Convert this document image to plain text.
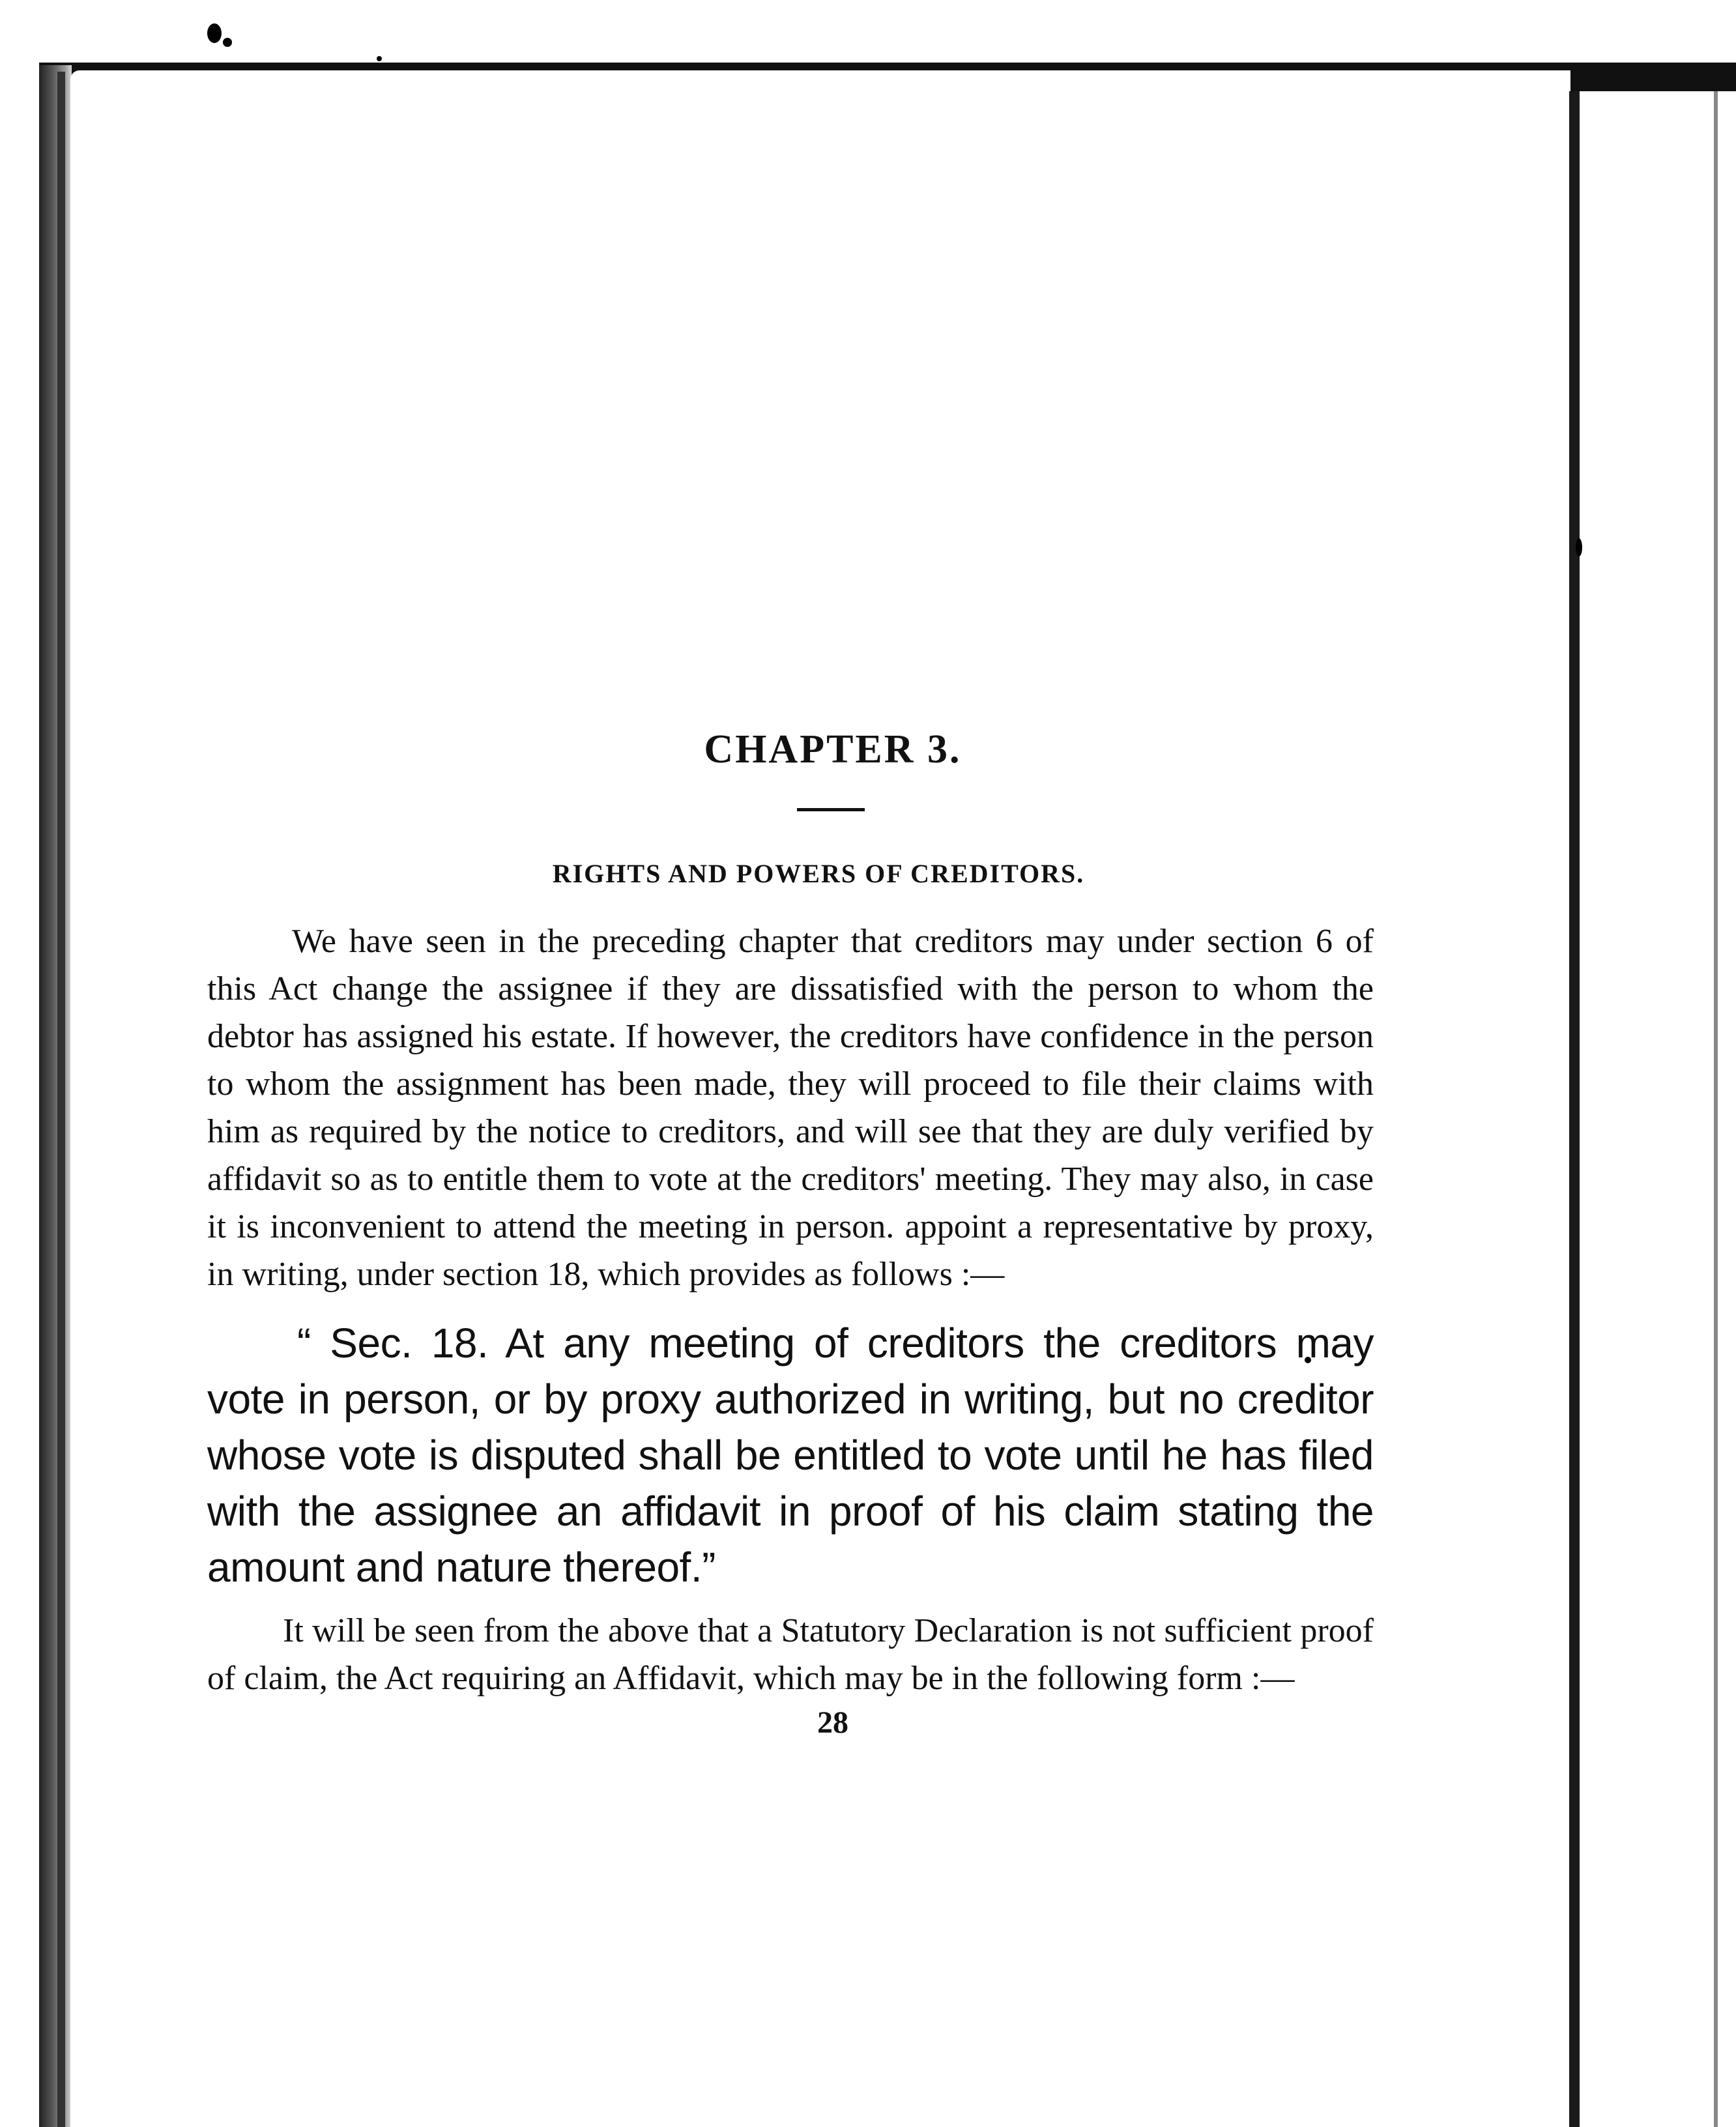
CHAPTER 3.
RIGHTS AND POWERS OF CREDITORS.

We have seen in the preceding chapter that creditors may under section 6 of this Act change the assignee if they are dissatisfied with the person to whom the debtor has assigned his estate. If however, the creditors have confidence in the person to whom the assignment has been made, they will proceed to file their claims with him as required by the notice to creditors, and will see that they are duly verified by affidavit so as to entitle them to vote at the creditors' meeting. They may also, in case it is inconvenient to attend the meeting in person. appoint a representative by proxy, in writing, under section 18, which provides as follows :—

“ Sec. 18. At any meeting of creditors the creditors may vote in person, or by proxy authorized in writing, but no creditor whose vote is disputed shall be entitled to vote until he has filed with the assignee an affidavit in proof of his claim stating the amount and nature thereof.”

It will be seen from the above that a Statutory Declaration is not sufficient proof of claim, the Act requiring an Affidavit, which may be in the following form :—

28
